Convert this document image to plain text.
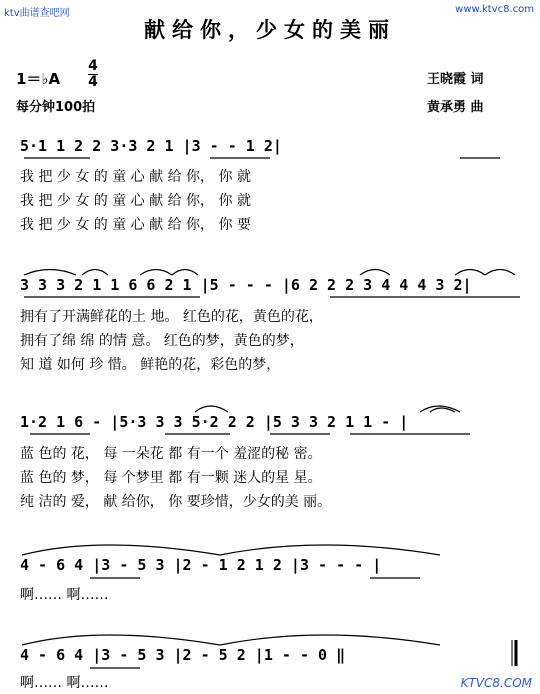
ktv曲谱查吧网	www.ktvc8.com
KTVC8.COM
献给你，少女的美丽
1＝♭A
4
4
每分钟100拍
王晓霞 词
黄承勇 曲
5·1 1 2 2 3·3 2 1 |3 - - 1 2|
我 把 少 女 的 童 心 献 给 你， 你 就
我 把 少 女 的 童 心 献 给 你， 你 就
我 把 少 女 的 童 心 献 给 你， 你 要
3 3 3 2 1 1 6 6 2 1 |5 - - - |6 2 2 2 3 4 4 4 3 2|
拥有了开满鲜花的土 地。 红色的花，黄色的花，
拥有了绵 绵 的情 意。 红色的梦，黄色的梦，
知 道 如何 珍 惜。 鲜艳的花，彩色的梦，
1·2 1 6 - |5·3 3 3 5·2 2 2 |5 3 3 2 1 1 - |
蓝 色的 花， 每 一朵花 都 有一个 羞涩的秘 密。
蓝 色的 梦， 每 个梦里 都 有一颗 迷人的星 星。
纯 洁的 爱， 献 给你， 你 要珍惜，少女的美 丽。
4 - 6 4 |3 - 5 3 |2 - 1 2 1 2 |3 - - - |
啊…… 啊……
4 - 6 4 |3 - 5 3 |2 - 5 2 |1 - - 0 ‖
啊…… 啊……
